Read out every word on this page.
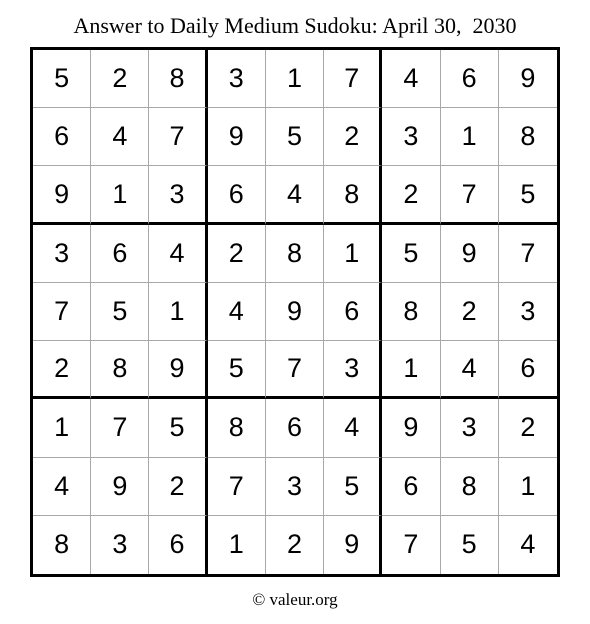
Answer to Daily Medium Sudoku: April 30,  2030
5	2	8	3	1	7	4	6	9
6	4	7	9	5	2	3	1	8
9	1	3	6	4	8	2	7	5
3	6	4	2	8	1	5	9	7
7	5	1	4	9	6	8	2	3
2	8	9	5	7	3	1	4	6
1	7	5	8	6	4	9	3	2
4	9	2	7	3	5	6	8	1
8	3	6	1	2	9	7	5	4
© valeur.org
